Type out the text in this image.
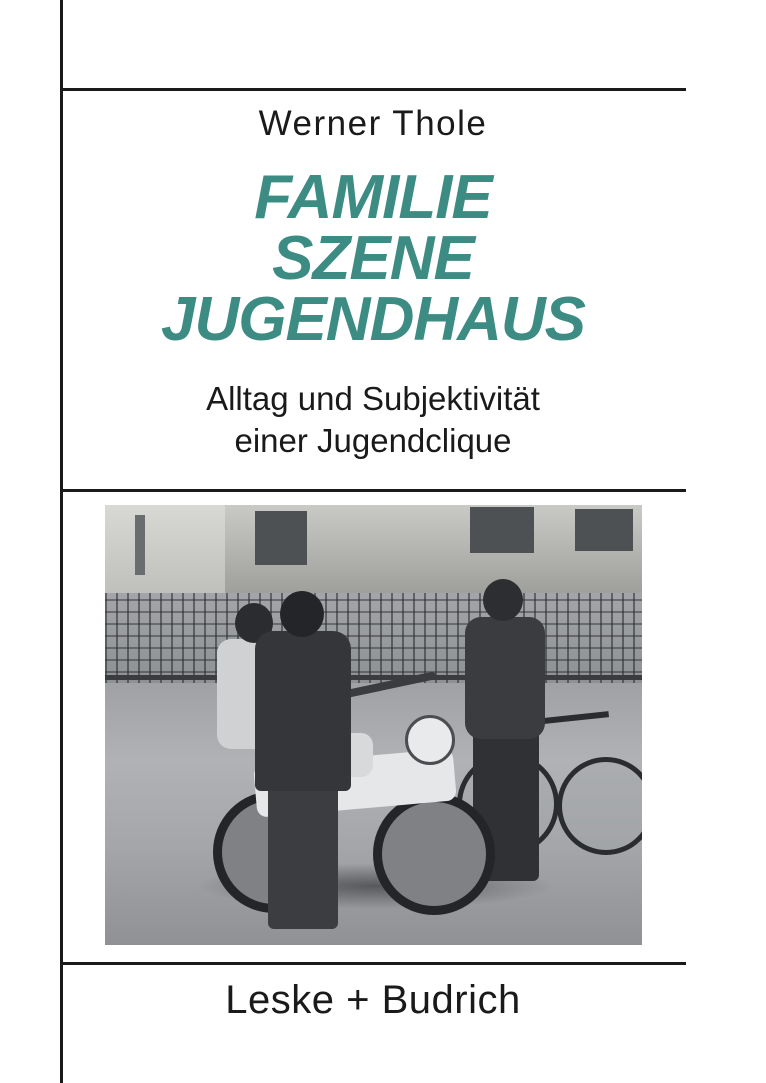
Werner Thole
FAMILIE
SZENE
JUGENDHAUS
Alltag und Subjektivität
einer Jugendclique
Leske + Budrich
